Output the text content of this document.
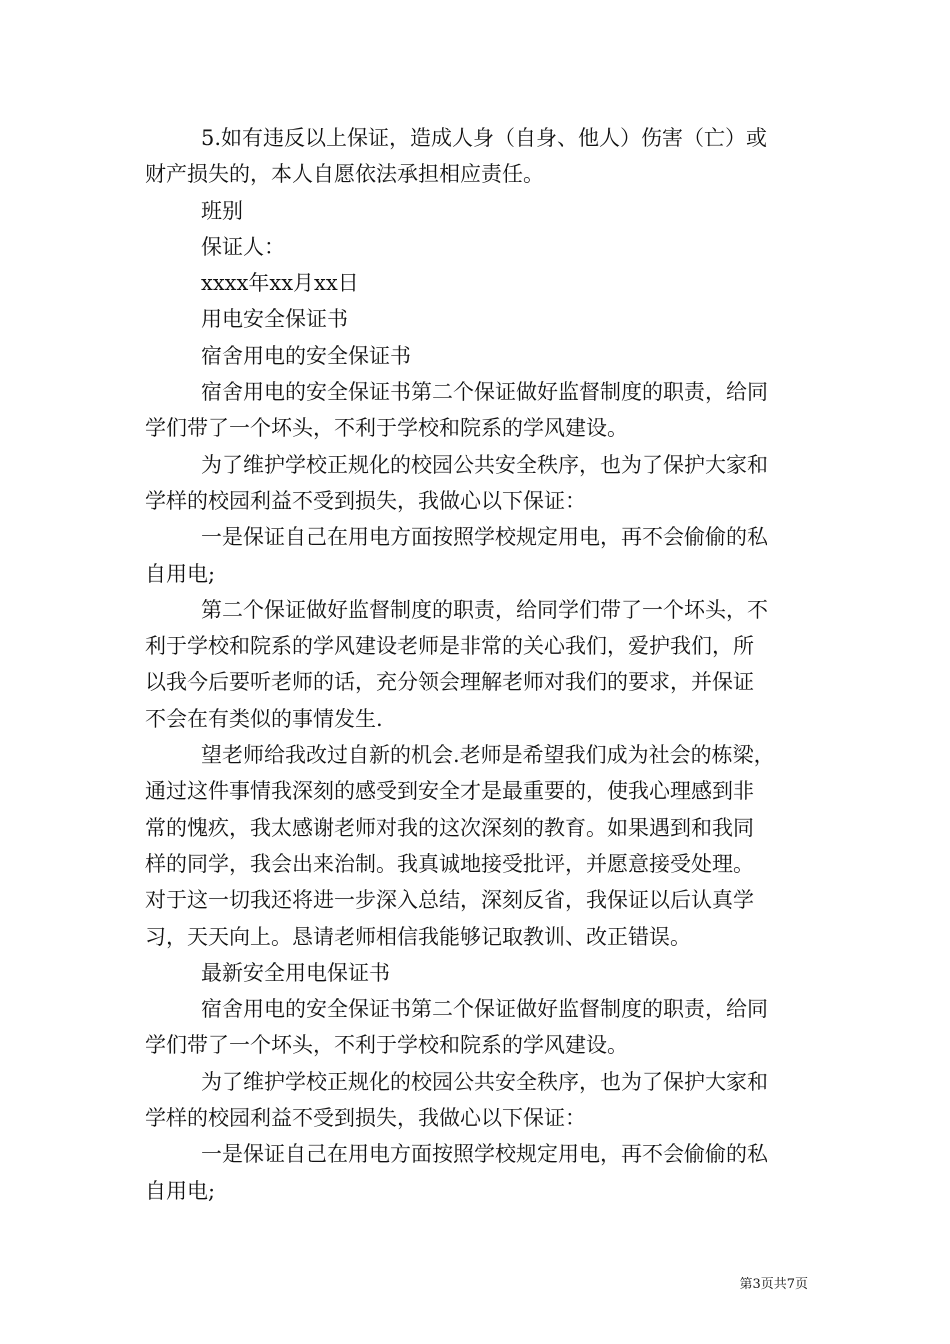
5.如有违反以上保证，造成人身（自身、他人）伤害（亡）或
财产损失的，本人自愿依法承担相应责任。
班别
保证人：
xxxx年xx月xx日
用电安全保证书
宿舍用电的安全保证书
宿舍用电的安全保证书第二个保证做好监督制度的职责，给同
学们带了一个坏头，不利于学校和院系的学风建设。
为了维护学校正规化的校园公共安全秩序，也为了保护大家和
学样的校园利益不受到损失，我做心以下保证：
一是保证自己在用电方面按照学校规定用电，再不会偷偷的私
自用电;
第二个保证做好监督制度的职责，给同学们带了一个坏头，不
利于学校和院系的学风建设老师是非常的关心我们，爱护我们，所
以我今后要听老师的话，充分领会理解老师对我们的要求，并保证
不会在有类似的事情发生.
望老师给我改过自新的机会.老师是希望我们成为社会的栋梁，
通过这件事情我深刻的感受到安全才是最重要的，使我心理感到非
常的愧疚，我太感谢老师对我的这次深刻的教育。如果遇到和我同
样的同学，我会出来治制。我真诚地接受批评，并愿意接受处理。
对于这一切我还将进一步深入总结，深刻反省，我保证以后认真学
习，天天向上。恳请老师相信我能够记取教训、改正错误。
最新安全用电保证书
宿舍用电的安全保证书第二个保证做好监督制度的职责，给同
学们带了一个坏头，不利于学校和院系的学风建设。
为了维护学校正规化的校园公共安全秩序，也为了保护大家和
学样的校园利益不受到损失，我做心以下保证：
一是保证自己在用电方面按照学校规定用电，再不会偷偷的私
自用电;
第3页共7页
